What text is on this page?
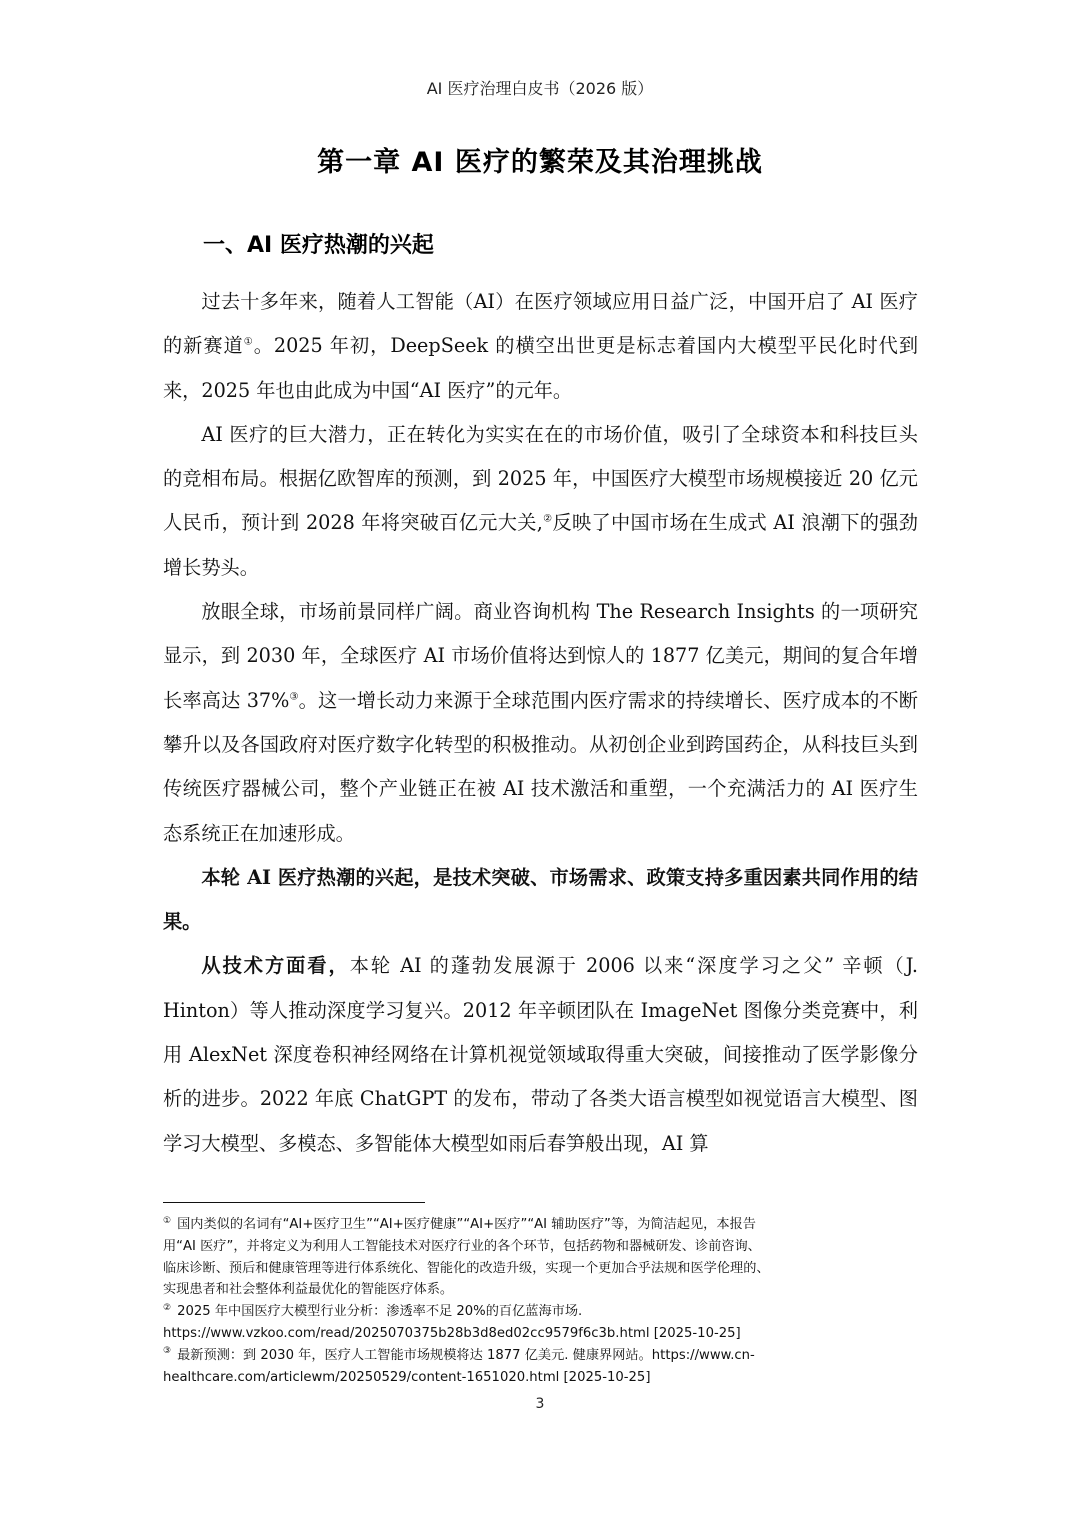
AI 医疗治理白皮书（2026 版）
第一章 AI 医疗的繁荣及其治理挑战
一、AI 医疗热潮的兴起

过去十多年来，随着人工智能（AI）在医疗领域应用日益广泛，中国开启了 AI 医疗的新赛道①。2025 年初，DeepSeek 的横空出世更是标志着国内大模型平民化时代到来，2025 年也由此成为中国“AI 医疗”的元年。

AI 医疗的巨大潜力，正在转化为实实在在的市场价值，吸引了全球资本和科技巨头的竞相布局。根据亿欧智库的预测，到 2025 年，中国医疗大模型市场规模接近 20 亿元人民币，预计到 2028 年将突破百亿元大关,②反映了中国市场在生成式 AI 浪潮下的强劲增长势头。

放眼全球，市场前景同样广阔。商业咨询机构 The Research Insights 的一项研究显示，到 2030 年，全球医疗 AI 市场价值将达到惊人的 1877 亿美元，期间的复合年增长率高达 37%③。这一增长动力来源于全球范围内医疗需求的持续增长、医疗成本的不断攀升以及各国政府对医疗数字化转型的积极推动。从初创企业到跨国药企，从科技巨头到传统医疗器械公司，整个产业链正在被 AI 技术激活和重塑，一个充满活力的 AI 医疗生态系统正在加速形成。

本轮 AI 医疗热潮的兴起，是技术突破、市场需求、政策支持多重因素共同作用的结果。

从技术方面看，本轮 AI 的蓬勃发展源于 2006 以来“深度学习之父” 辛顿（J. Hinton）等人推动深度学习复兴。2012 年辛顿团队在 ImageNet 图像分类竞赛中，利用 AlexNet 深度卷积神经网络在计算机视觉领域取得重大突破，间接推动了医学影像分析的进步。2022 年底 ChatGPT 的发布，带动了各类大语言模型如视觉语言大模型、图学习大模型、多模态、多智能体大模型如雨后春笋般出现，AI 算

① 国内类似的名词有“AI+医疗卫生”“AI+医疗健康”“AI+医疗”“AI 辅助医疗”等，为简洁起见，本报告
用“AI 医疗”，并将定义为利用人工智能技术对医疗行业的各个环节，包括药物和器械研发、诊前咨询、
临床诊断、预后和健康管理等进行体系统化、智能化的改造升级，实现一个更加合乎法规和医学伦理的、
实现患者和社会整体利益最优化的智能医疗体系。
② 2025 年中国医疗大模型行业分析：渗透率不足 20%的百亿蓝海市场.
https://www.vzkoo.com/read/2025070375b28b3d8ed02cc9579f6c3b.html [2025-10-25]
③ 最新预测：到 2030 年，医疗人工智能市场规模将达 1877 亿美元. 健康界网站。https://www.cn-
healthcare.com/articlewm/20250529/content-1651020.html [2025-10-25]
3
